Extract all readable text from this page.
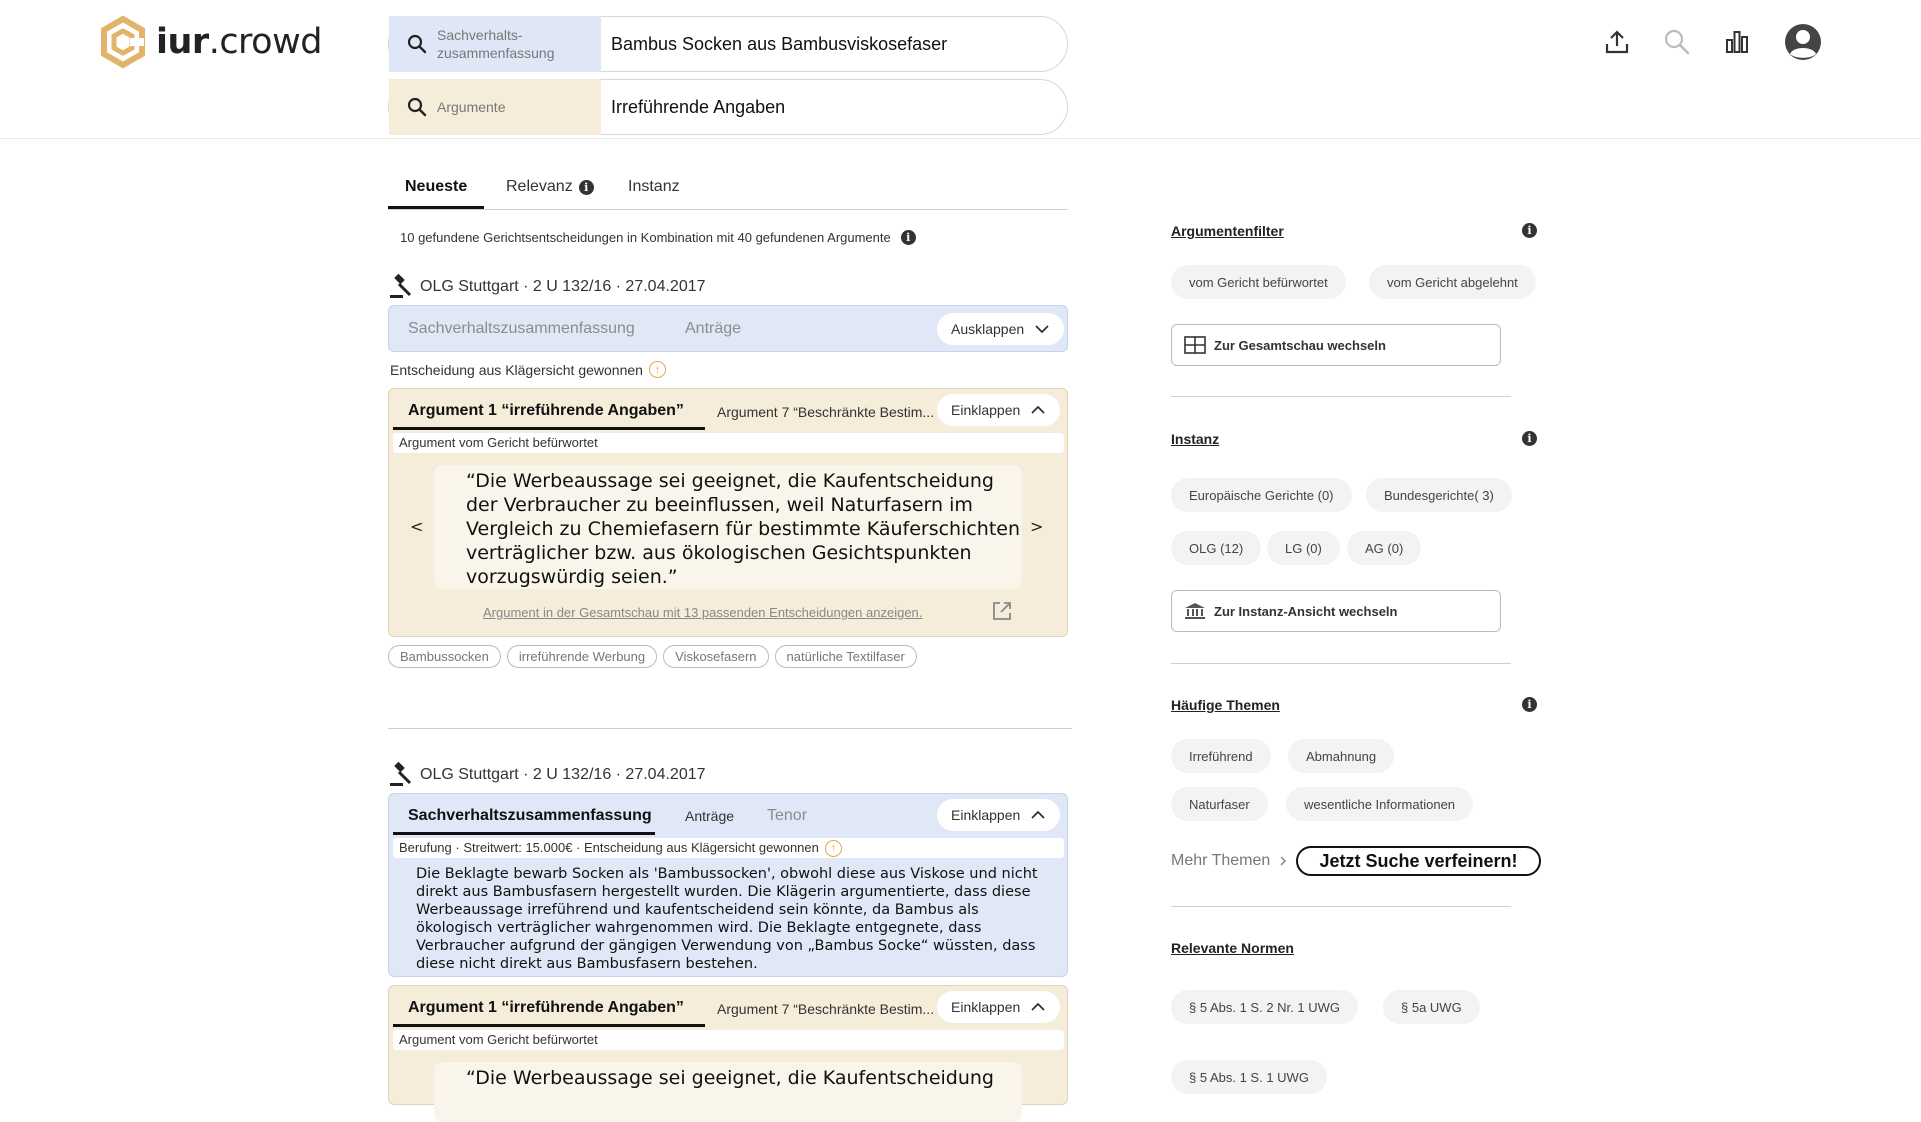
iur.crowd	Sachverhalts-
zusammenfassung	Bambus Socken aus Bambusviskosefaser
Argumente	Irreführende Angaben
Neueste Relevanz	i	Instanz
10 gefundene Gerichtsentscheidungen in Kombination mit 40 gefundenen Argumente	i
OLG Stuttgart · 2 U 132/16 · 27.04.2017
Sachverhaltszusammenfassung	Anträge	Ausklappen
Entscheidung aus Klägersicht gewonnen	↑
Argument 1 “irreführende Angaben” Argument 7 “Beschränkte Bestim... Einklappen
Argument vom Gericht befürwortet
<
“Die Werbeaussage sei geeignet, die Kaufentscheidung der Verbraucher zu beeinflussen, weil Naturfasern im Vergleich zu Chemiefasern für bestimmte Käuferschichten verträglicher bzw. aus ökologischen Gesichtspunkten vorzugswürdig seien.”
>
Argument in der Gesamtschau mit 13 passenden Entscheidungen anzeigen.
Bambussocken	irreführende Werbung	Viskosefasern	natürliche Textilfaser
OLG Stuttgart · 2 U 132/16 · 27.04.2017
Sachverhaltszusammenfassung Anträge Tenor	Einklappen
Berufung · Streitwert: 15.000€ · Entscheidung aus Klägersicht gewonnen	↑
Die Beklagte bewarb Socken als 'Bambussocken', obwohl diese aus Viskose und nicht direkt aus Bambusfasern hergestellt wurden. Die Klägerin argumentierte, dass diese Werbeaussage irreführend und kaufentscheidend sein könnte, da Bambus als ökologisch verträglicher wahrgenommen wird. Die Beklagte entgegnete, dass Verbraucher aufgrund der gängigen Verwendung von „Bambus Socke“ wüssten, dass diese nicht direkt aus Bambusfasern bestehen.
Argument 1 “irreführende Angaben” Argument 7 “Beschränkte Bestim... Einklappen
Argument vom Gericht befürwortet
“Die Werbeaussage sei geeignet, die Kaufentscheidung
Argumentenfilter	i
vom Gericht befürwortet	vom Gericht abgelehnt
Zur Gesamtschau wechseln
Instanz	i
Europäische Gerichte (0)	Bundesgerichte( 3)
OLG (12)	LG (0)	AG (0)
Zur Instanz-Ansicht wechseln
Häufige Themen	i
Irreführend	Abmahnung
Naturfaser	wesentliche Informationen
Mehr Themen	Jetzt Suche verfeinern!
Relevante Normen
§ 5 Abs. 1 S. 2 Nr. 1 UWG	§ 5a UWG
§ 5 Abs. 1 S. 1 UWG
